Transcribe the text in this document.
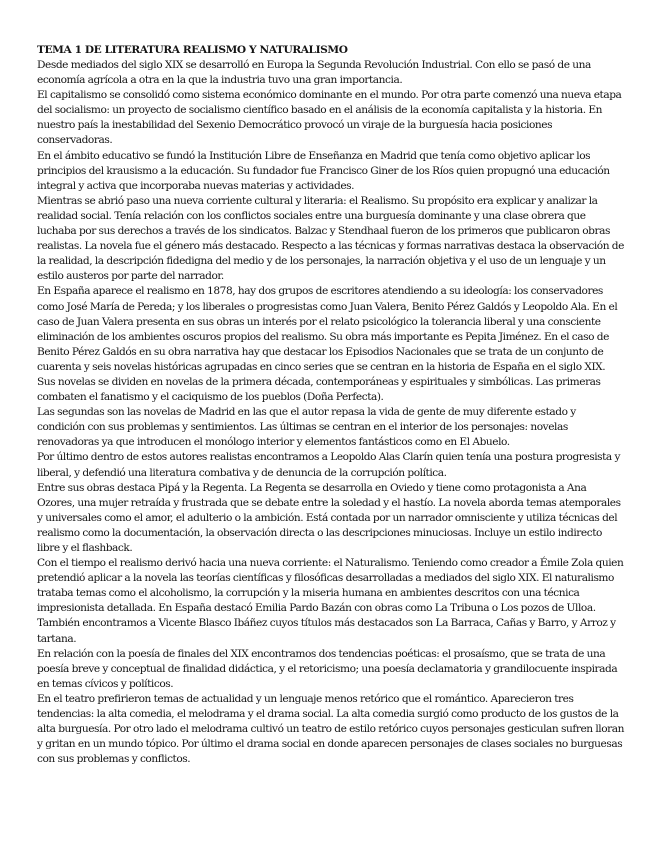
TEMA 1 DE LITERATURA REALISMO Y NATURALISMO

Desde mediados del siglo XIX se desarrolló en Europa la Segunda Revolución Industrial. Con ello se pasó de una economía agrícola a otra en la que la industria tuvo una gran importancia.

El capitalismo se consolidó como sistema económico dominante en el mundo. Por otra parte comenzó una nueva etapa del socialismo: un proyecto de socialismo científico basado en el análisis de la economía capitalista y la historia. En nuestro país la inestabilidad del Sexenio Democrático provocó un viraje de la burguesía hacia posiciones conservadoras.

En el ámbito educativo se fundó la Institución Libre de Enseñanza en Madrid que tenía como objetivo aplicar los principios del krausismo a la educación. Su fundador fue Francisco Giner de los Ríos quien propugnó una educación integral y activa que incorporaba nuevas materias y actividades.

Mientras se abrió paso una nueva corriente cultural y literaria: el Realismo. Su propósito era explicar y analizar la realidad social. Tenía relación con los conflictos sociales entre una burguesía dominante y una clase obrera que luchaba por sus derechos a través de los sindicatos. Balzac y Stendhaal fueron de los primeros que publicaron obras realistas. La novela fue el género más destacado. Respecto a las técnicas y formas narrativas destaca la observación de la realidad, la descripción fidedigna del medio y de los personajes, la narración objetiva y el uso de un lenguaje y un estilo austeros por parte del narrador.

En España aparece el realismo en 1878, hay dos grupos de escritores atendiendo a su ideología: los conservadores como José María de Pereda; y los liberales o progresistas como Juan Valera, Benito Pérez Galdós y Leopoldo Ala. En el caso de Juan Valera presenta en sus obras un interés por el relato psicológico la tolerancia liberal y una consciente eliminación de los ambientes oscuros propios del realismo. Su obra más importante es Pepita Jiménez. En el caso de Benito Pérez Galdós en su obra narrativa hay que destacar los Episodios Nacionales que se trata de un conjunto de cuarenta y seis novelas históricas agrupadas en cinco series que se centran en la historia de España en el siglo XIX. Sus novelas se dividen en novelas de la primera década, contemporáneas y espirituales y simbólicas. Las primeras combaten el fanatismo y el caciquismo de los pueblos (Doña Perfecta).

Las segundas son las novelas de Madrid en las que el autor repasa la vida de gente de muy diferente estado y condición con sus problemas y sentimientos. Las últimas se centran en el interior de los personajes: novelas renovadoras ya que introducen el monólogo interior y elementos fantásticos como en El Abuelo.

Por último dentro de estos autores realistas encontramos a Leopoldo Alas Clarín quien tenía una postura progresista y liberal, y defendió una literatura combativa y de denuncia de la corrupción política.

Entre sus obras destaca Pipá y la Regenta. La Regenta se desarrolla en Oviedo y tiene como protagonista a Ana Ozores, una mujer retraída y frustrada que se debate entre la soledad y el hastío. La novela aborda temas atemporales y universales como el amor, el adulterio o la ambición. Está contada por un narrador omnisciente y utiliza técnicas del realismo como la documentación, la observación directa o las descripciones minuciosas. Incluye un estilo indirecto libre y el flashback.

Con el tiempo el realismo derivó hacia una nueva corriente: el Naturalismo. Teniendo como creador a Émile Zola quien pretendió aplicar a la novela las teorías científicas y filosóficas desarrolladas a mediados del siglo XIX. El naturalismo trataba temas como el alcoholismo, la corrupción y la miseria humana en ambientes descritos con una técnica impresionista detallada. En España destacó Emilia Pardo Bazán con obras como La Tribuna o Los pozos de Ulloa. También encontramos a Vicente Blasco Ibáñez cuyos títulos más destacados son La Barraca, Cañas y Barro, y Arroz y tartana.

En relación con la poesía de finales del XIX encontramos dos tendencias poéticas: el prosaísmo, que se trata de una poesía breve y conceptual de finalidad didáctica, y el retoricismo; una poesía declamatoria y grandilocuente inspirada en temas cívicos y políticos.

En el teatro prefirieron temas de actualidad y un lenguaje menos retórico que el romántico. Aparecieron tres tendencias: la alta comedia, el melodrama y el drama social. La alta comedia surgió como producto de los gustos de la alta burguesía. Por otro lado el melodrama cultivó un teatro de estilo retórico cuyos personajes gesticulan sufren lloran y gritan en un mundo tópico. Por último el drama social en donde aparecen personajes de clases sociales no burguesas con sus problemas y conflictos.
